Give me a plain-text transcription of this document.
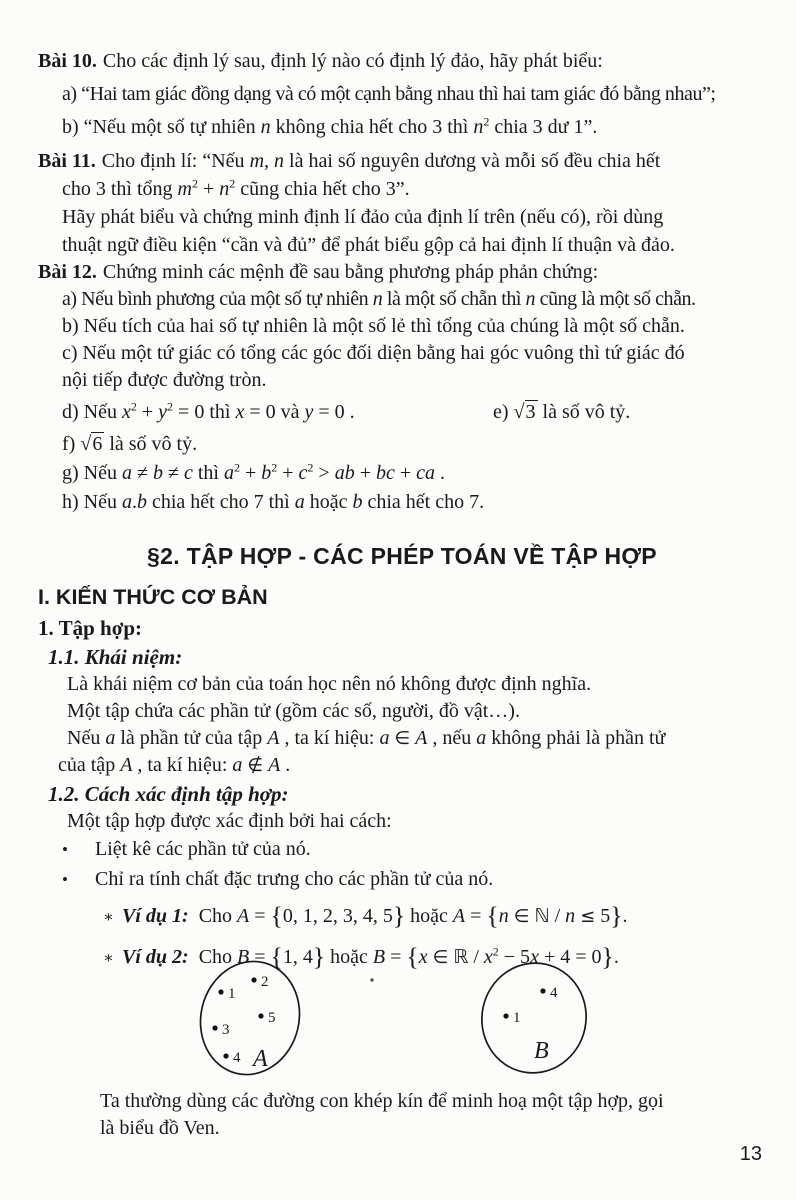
Bài 10. Cho các định lý sau, định lý nào có định lý đảo, hãy phát biểu:

a) “Hai tam giác đồng dạng và có một cạnh bằng nhau thì hai tam giác đó bằng nhau”;

b) “Nếu một số tự nhiên n không chia hết cho 3 thì $n^2$ chia 3 dư 1”.

Bài 11. Cho định lí: “Nếu m, n là hai số nguyên dương và mỗi số đều chia hết

cho 3 thì tổng $m^2 + n^2$ cũng chia hết cho 3”.

Hãy phát biểu và chứng minh định lí đảo của định lí trên (nếu có), rồi dùng

thuật ngữ điều kiện “cần và đủ” để phát biểu gộp cả hai định lí thuận và đảo.

Bài 12. Chứng minh các mệnh đề sau bằng phương pháp phản chứng:

a) Nếu bình phương của một số tự nhiên n là một số chẵn thì n cũng là một số chẵn.

b) Nếu tích của hai số tự nhiên là một số lẻ thì tổng của chúng là một số chẵn.

c) Nếu một tứ giác có tổng các góc đối diện bằng hai góc vuông thì tứ giác đó

nội tiếp được đường tròn.

d) Nếu $x^2 + y^2 = 0$ thì x = 0 và y = 0 .	e) √3 là số vô tỷ.

f) √6 là số vô tỷ.

g) Nếu a ≠ b ≠ c thì $a^2 + b^2 + c^2$ > ab + bc + ca .

h) Nếu a.b chia hết cho 7 thì a hoặc b chia hết cho 7.

§2. TẬP HỢP - CÁC PHÉP TOÁN VỀ TẬP HỢP
I. KIẾN THỨC CƠ BẢN
1. Tập hợp:
1.1. Khái niệm:

Là khái niệm cơ bản của toán học nên nó không được định nghĩa.

Một tập chứa các phần tử (gồm các số, người, đồ vật…).

Nếu a là phần tử của tập A , ta kí hiệu: a ∈ A , nếu a không phải là phần tử

của tập A , ta kí hiệu: a ∉ A .

1.2. Cách xác định tập hợp:

Một tập hợp được xác định bởi hai cách:

• Liệt kê các phần tử của nó.

• Chỉ ra tính chất đặc trưng cho các phần tử của nó.

∗ Ví dụ 1: Cho A = {0, 1, 2, 3, 4, 5} hoặc A = {n ∈ ℕ / n ≤ 5}.

∗ Ví dụ 2: Cho B = {1, 4} hoặc B = {x ∈ ℝ / $x^2 - 5x + 4 = 0$}.

1
2
3
5
4 A
4
1
B

Ta thường dùng các đường con khép kín để minh hoạ một tập hợp, gọi

là biểu đồ Ven.

13
